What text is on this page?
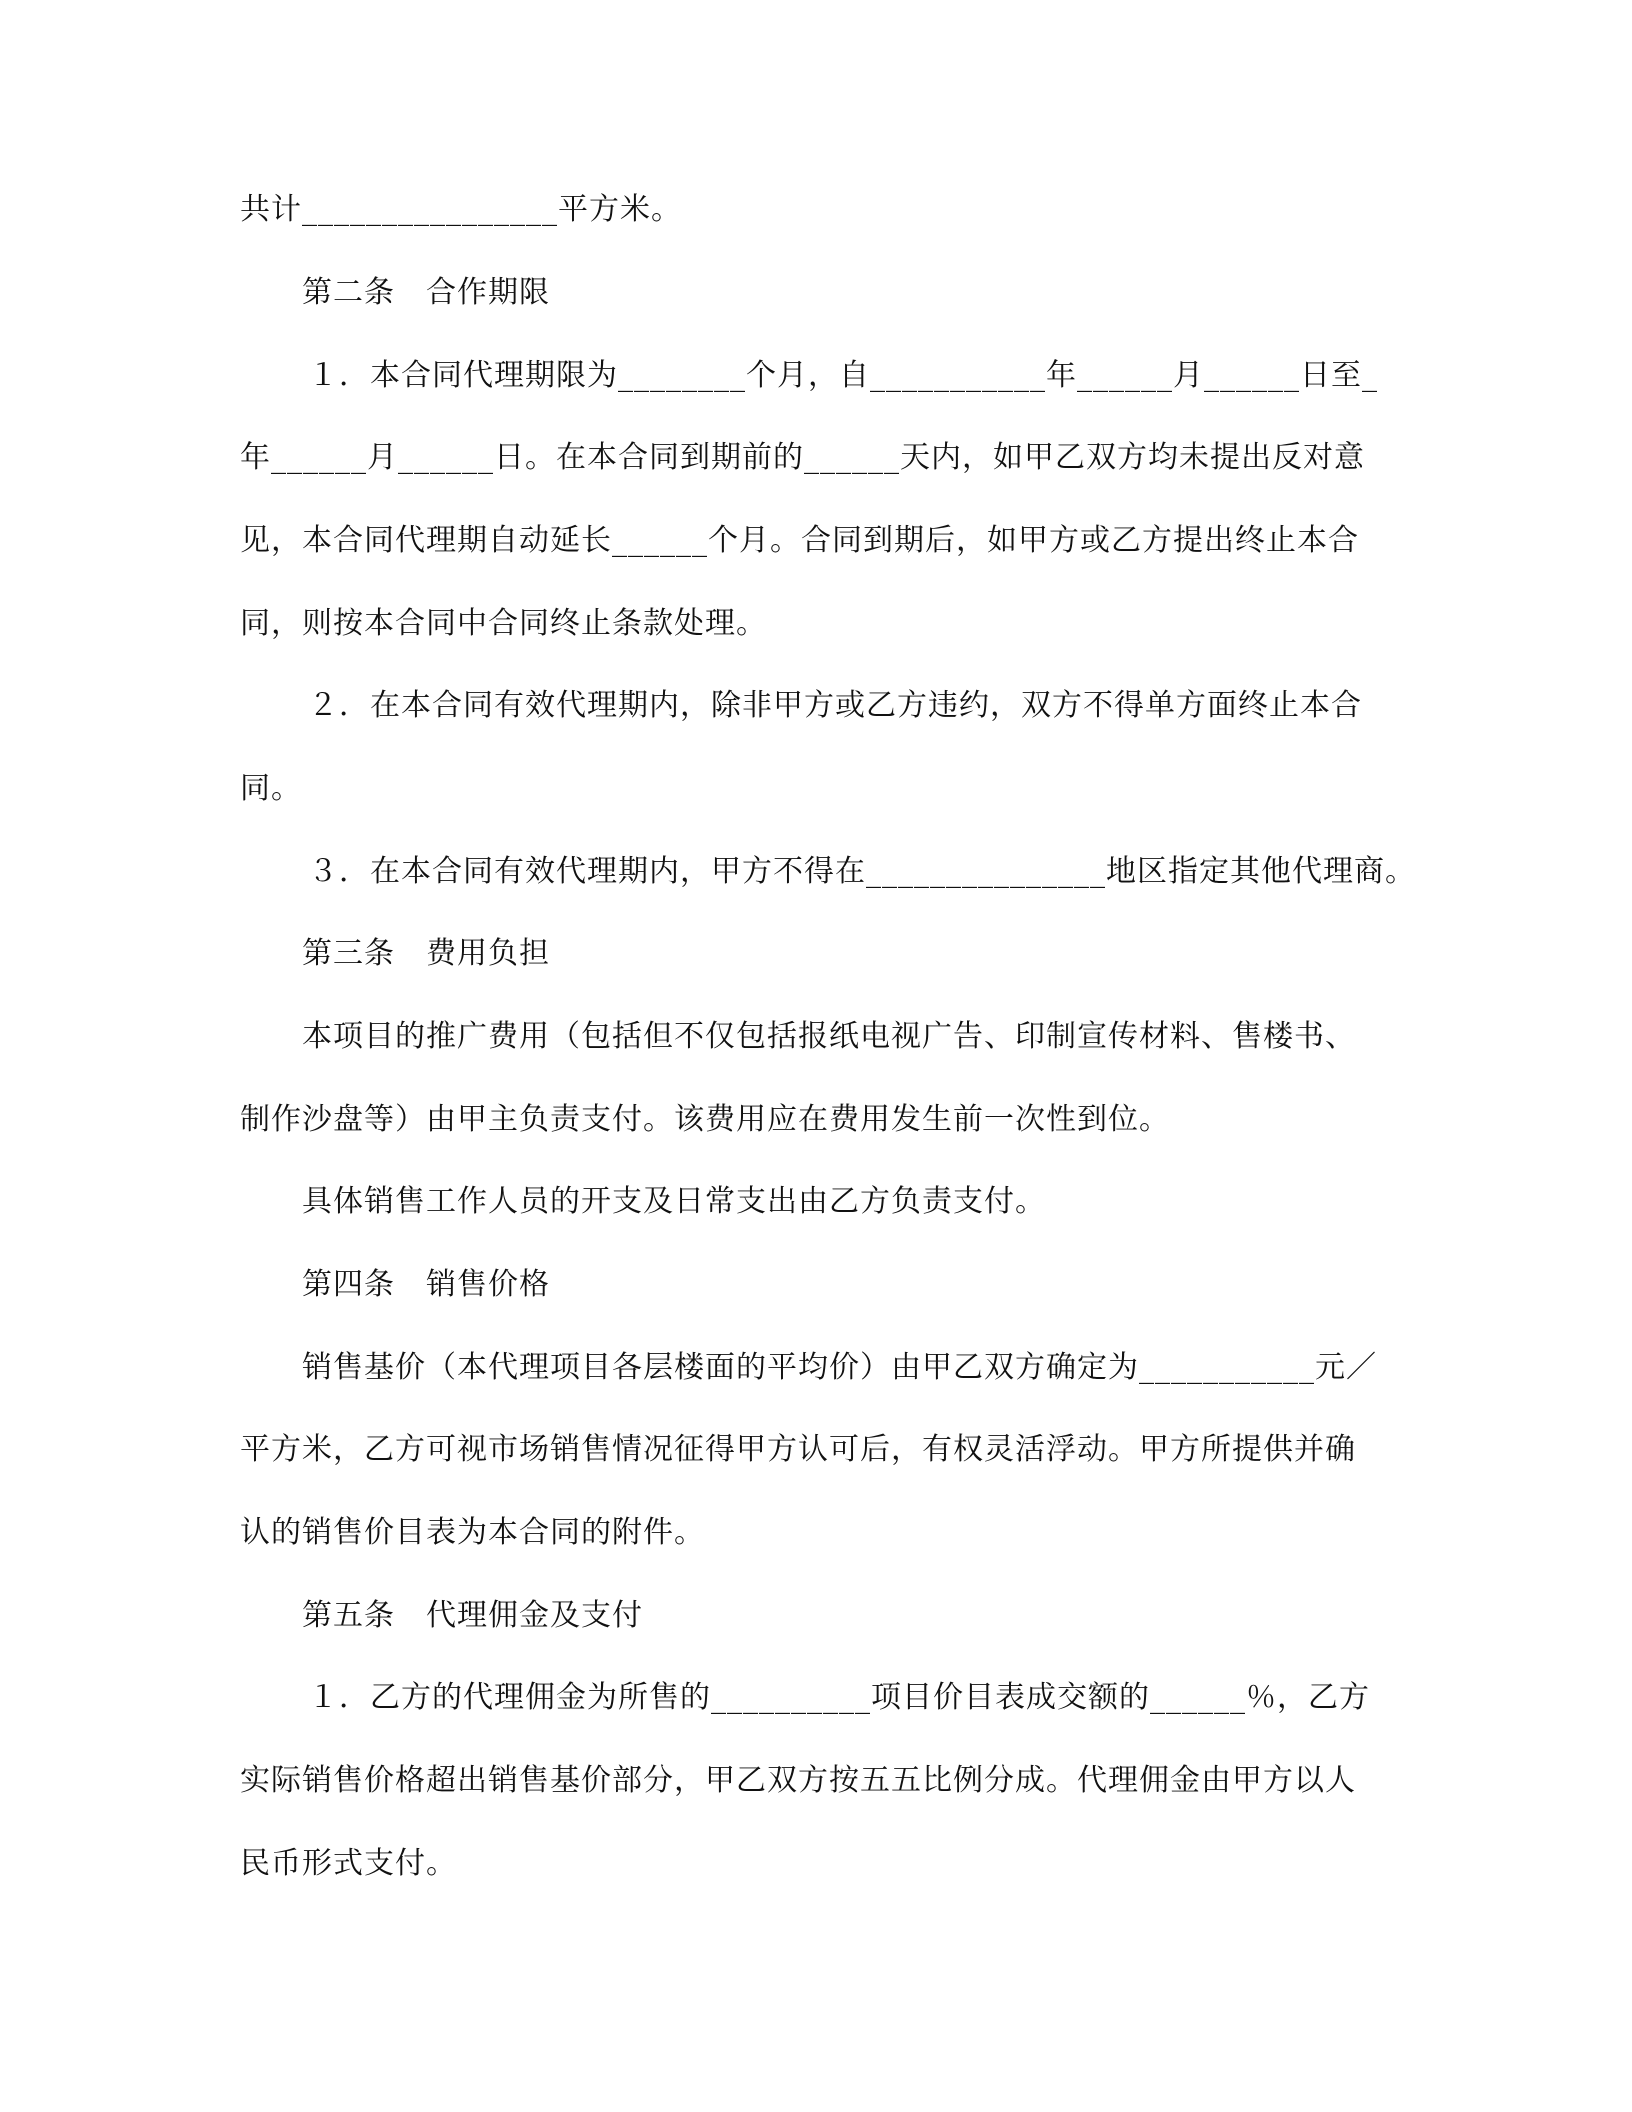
共计________________平方米。
第二条　合作期限
１．本合同代理期限为________个月，自___________年______月______日至_
年______月______日。在本合同到期前的______天内，如甲乙双方均未提出反对意
见，本合同代理期自动延长______个月。合同到期后，如甲方或乙方提出终止本合
同，则按本合同中合同终止条款处理。
２．在本合同有效代理期内，除非甲方或乙方违约，双方不得单方面终止本合
同。
３．在本合同有效代理期内，甲方不得在_______________地区指定其他代理商。
第三条　费用负担
本项目的推广费用（包括但不仅包括报纸电视广告、印制宣传材料、售楼书、
制作沙盘等）由甲主负责支付。该费用应在费用发生前一次性到位。
具体销售工作人员的开支及日常支出由乙方负责支付。
第四条　销售价格
销售基价（本代理项目各层楼面的平均价）由甲乙双方确定为___________元／
平方米，乙方可视市场销售情况征得甲方认可后，有权灵活浮动。甲方所提供并确
认的销售价目表为本合同的附件。
第五条　代理佣金及支付
１．乙方的代理佣金为所售的__________项目价目表成交额的______％，乙方
实际销售价格超出销售基价部分，甲乙双方按五五比例分成。代理佣金由甲方以人
民币形式支付。
